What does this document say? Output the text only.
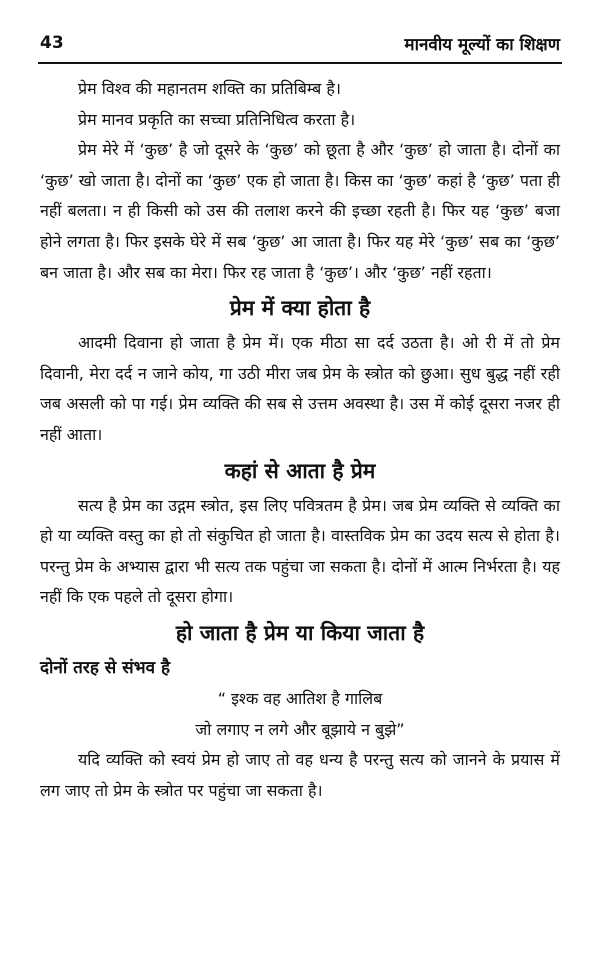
43	मानवीय मूल्यों का शिक्षण

प्रेम विश्व की महानतम शक्ति का प्रतिबिम्ब है।

प्रेम मानव प्रकृति का सच्चा प्रतिनिधित्व करता है।

प्रेम मेरे में ‘कुछ’ है जो दूसरे के ‘कुछ’ को छूता है और ‘कुछ’ हो जाता है। दोनों का ‘कुछ’ खो जाता है। दोनों का ‘कुछ’ एक हो जाता है। किस का ‘कुछ’ कहां है ‘कुछ’ पता ही नहीं बलता। न ही किसी को उस की तलाश करने की इच्छा रहती है। फिर यह ‘कुछ’ बजा होने लगता है। फिर इसके घेरे में सब ‘कुछ’ आ जाता है। फिर यह मेरे ‘कुछ’ सब का ‘कुछ’ बन जाता है। और सब का मेरा। फिर रह जाता है ‘कुछ’। और ‘कुछ’ नहीं रहता।

प्रेम में क्या होता है

आदमी दिवाना हो जाता है प्रेम में। एक मीठा सा दर्द उठता है। ओ री में तो प्रेम दिवानी, मेरा दर्द न जाने कोय, गा उठी मीरा जब प्रेम के स्त्रोत को छुआ। सुध बुद्ध नहीं रही जब असली को पा गई। प्रेम व्यक्ति की सब से उत्तम अवस्था है। उस में कोई दूसरा नजर ही नहीं आता।

कहां से आता है प्रेम

सत्य है प्रेम का उद्गम स्त्रोत, इस लिए पवित्रतम है प्रेम। जब प्रेम व्यक्ति से व्यक्ति का हो या व्यक्ति वस्तु का हो तो संकुचित हो जाता है। वास्तविक प्रेम का उदय सत्य से होता है। परन्तु प्रेम के अभ्यास द्वारा भी सत्य तक पहुंचा जा सकता है। दोनों में आत्म निर्भरता है। यह नहीं कि एक पहले तो दूसरा होगा।

हो जाता है प्रेम या किया जाता है
दोनों तरह से संभव है

“ इश्क वह आतिश है गालिब

जो लगाए न लगे और बूझाये न बुझे”

यदि व्यक्ति को स्वयं प्रेम हो जाए तो वह धन्य है परन्तु सत्य को जानने के प्रयास में लग जाए तो प्रेम के स्त्रोत पर पहुंचा जा सकता है।
